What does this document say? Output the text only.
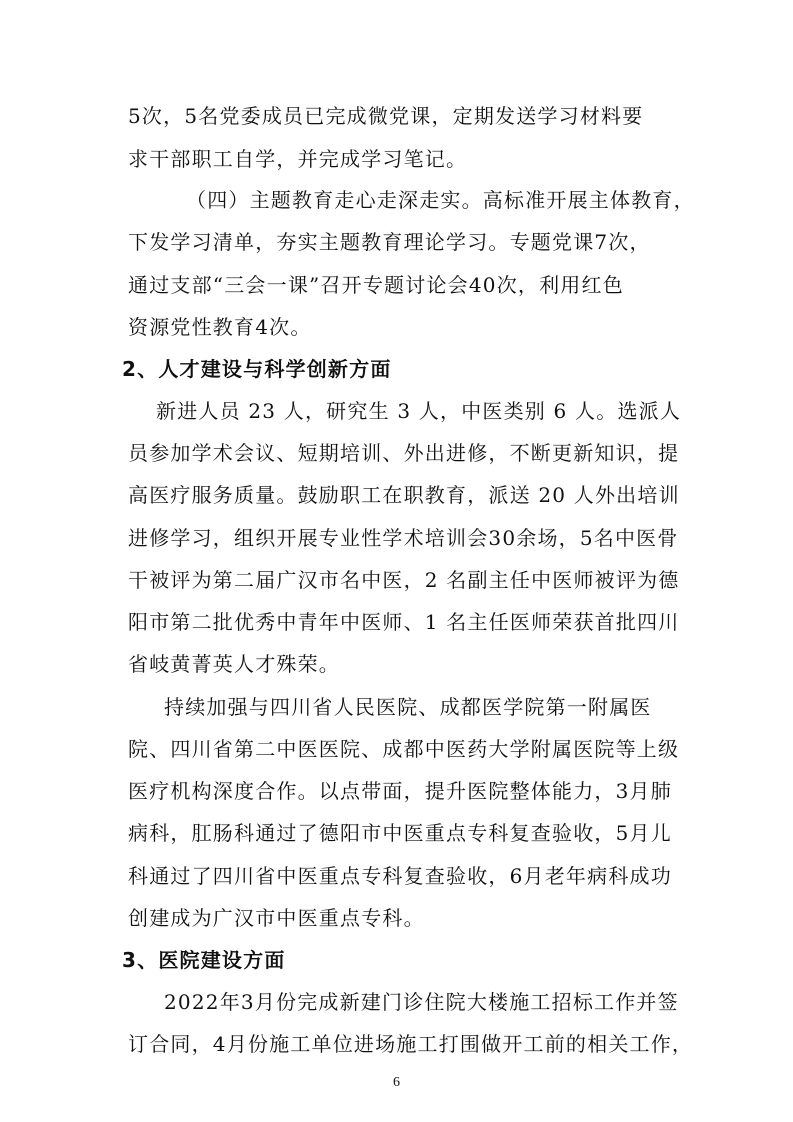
5次，5名党委成员已完成微党课，定期发送学习材料要
求干部职工自学，并完成学习笔记。
（四）主题教育走心走深走实。高标准开展主体教育，
下发学习清单，夯实主题教育理论学习。专题党课7次，
通过支部“三会一课”召开专题讨论会40次，利用红色
资源党性教育4次。
2、人才建设与科学创新方面
新进人员 23 人，研究生 3 人，中医类别 6 人。选派人
员参加学术会议、短期培训、外出进修，不断更新知识，提
高医疗服务质量。鼓励职工在职教育，派送 20 人外出培训
进修学习，组织开展专业性学术培训会30余场，5名中医骨
干被评为第二届广汉市名中医，2 名副主任中医师被评为德
阳市第二批优秀中青年中医师、1 名主任医师荣获首批四川
省岐黄菁英人才殊荣。
持续加强与四川省人民医院、成都医学院第一附属医
院、四川省第二中医医院、成都中医药大学附属医院等上级
医疗机构深度合作。以点带面，提升医院整体能力，3月肺
病科，肛肠科通过了德阳市中医重点专科复查验收，5月儿
科通过了四川省中医重点专科复查验收，6月老年病科成功
创建成为广汉市中医重点专科。
3、医院建设方面
2022年3月份完成新建门诊住院大楼施工招标工作并签
订合同，4月份施工单位进场施工打围做开工前的相关工作，
6
